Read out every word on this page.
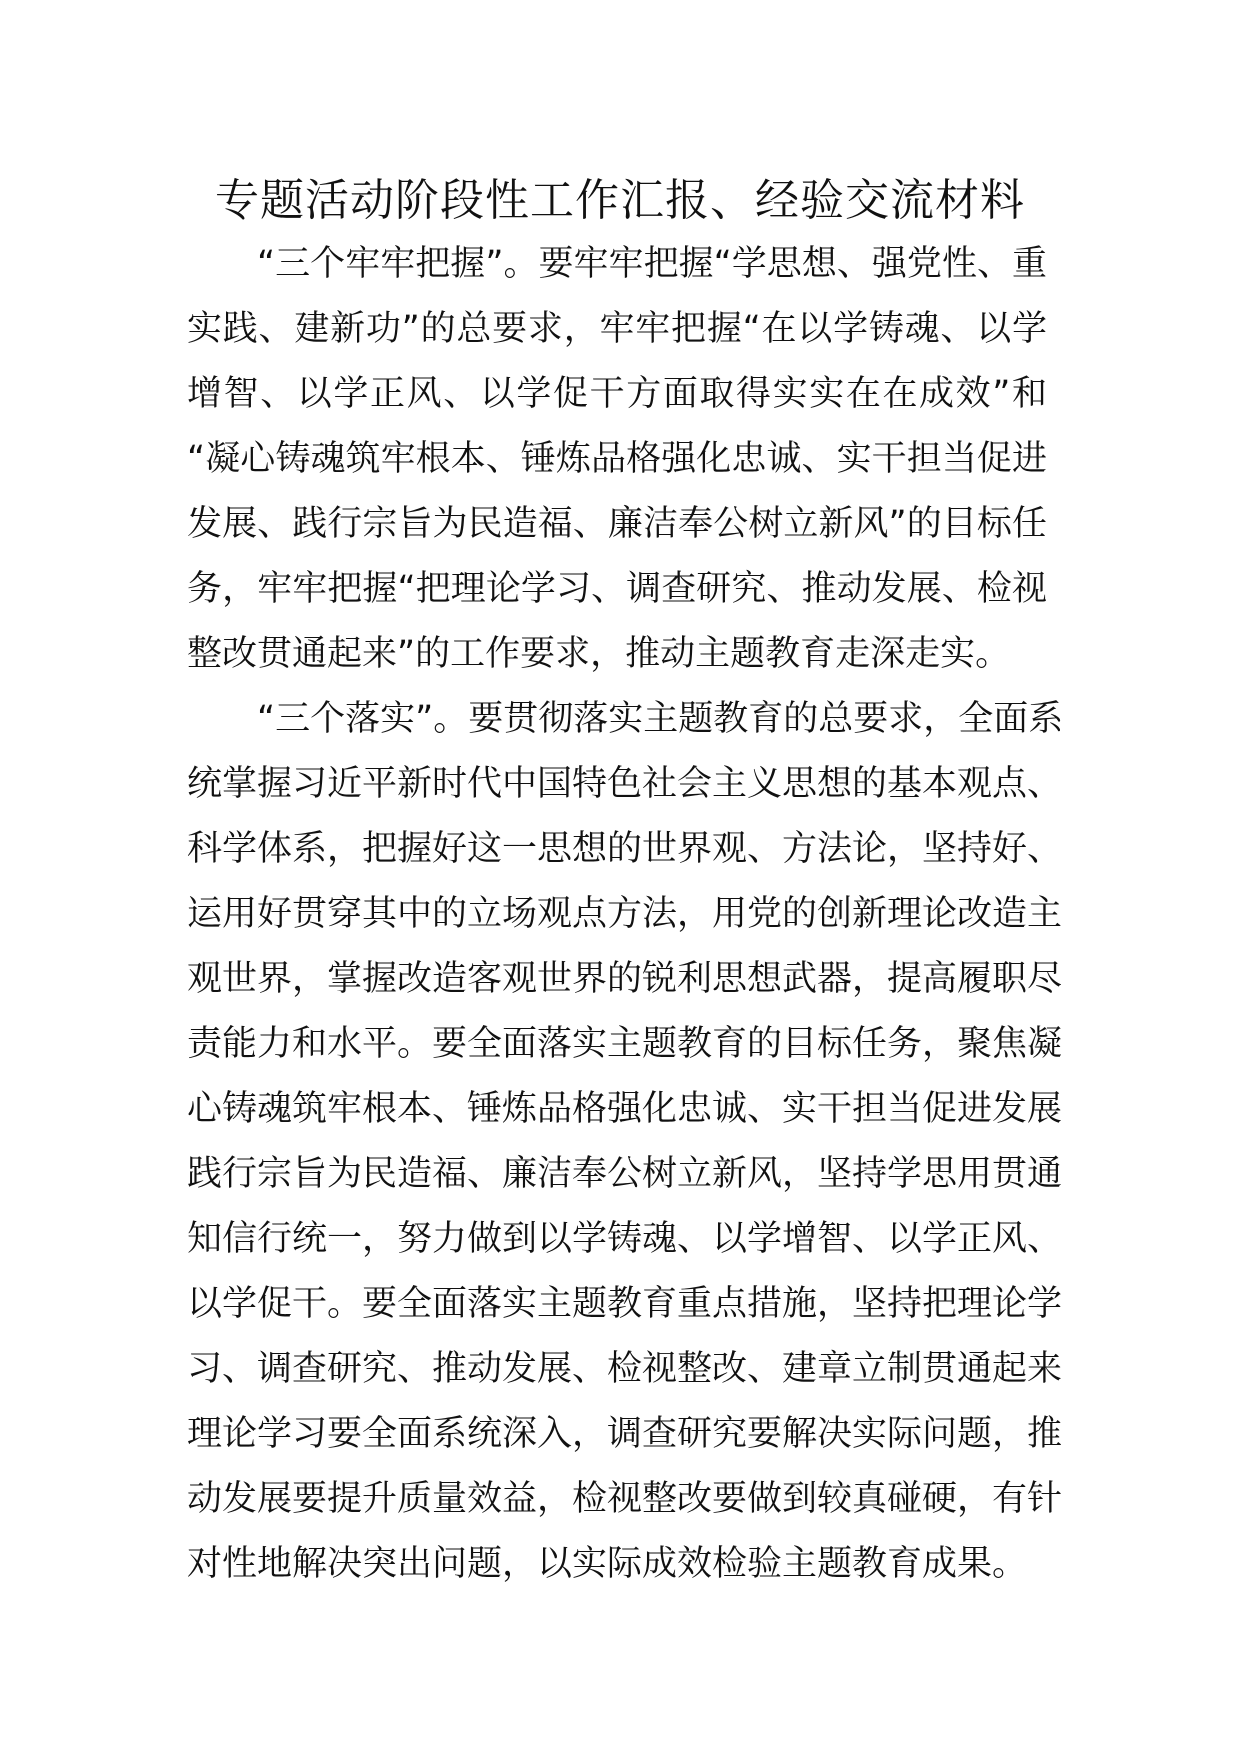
专题活动阶段性工作汇报、经验交流材料
“三个牢牢把握”。要牢牢把握“学思想、强党性、重
实践、建新功”的总要求，牢牢把握“在以学铸魂、以学
增智、以学正风、以学促干方面取得实实在在成效”和
“凝心铸魂筑牢根本、锤炼品格强化忠诚、实干担当促进
发展、践行宗旨为民造福、廉洁奉公树立新风”的目标任
务，牢牢把握“把理论学习、调查研究、推动发展、检视
整改贯通起来”的工作要求，推动主题教育走深走实。
“三个落实”。要贯彻落实主题教育的总要求，全面系
统掌握习近平新时代中国特色社会主义思想的基本观点、
科学体系，把握好这一思想的世界观、方法论，坚持好、
运用好贯穿其中的立场观点方法，用党的创新理论改造主
观世界，掌握改造客观世界的锐利思想武器，提高履职尽
责能力和水平。要全面落实主题教育的目标任务，聚焦凝
心铸魂筑牢根本、锤炼品格强化忠诚、实干担当促进发展
践行宗旨为民造福、廉洁奉公树立新风，坚持学思用贯通
知信行统一，努力做到以学铸魂、以学增智、以学正风、
以学促干。要全面落实主题教育重点措施，坚持把理论学
习、调查研究、推动发展、检视整改、建章立制贯通起来
理论学习要全面系统深入，调查研究要解决实际问题，推
动发展要提升质量效益，检视整改要做到较真碰硬，有针
对性地解决突出问题，以实际成效检验主题教育成果。
